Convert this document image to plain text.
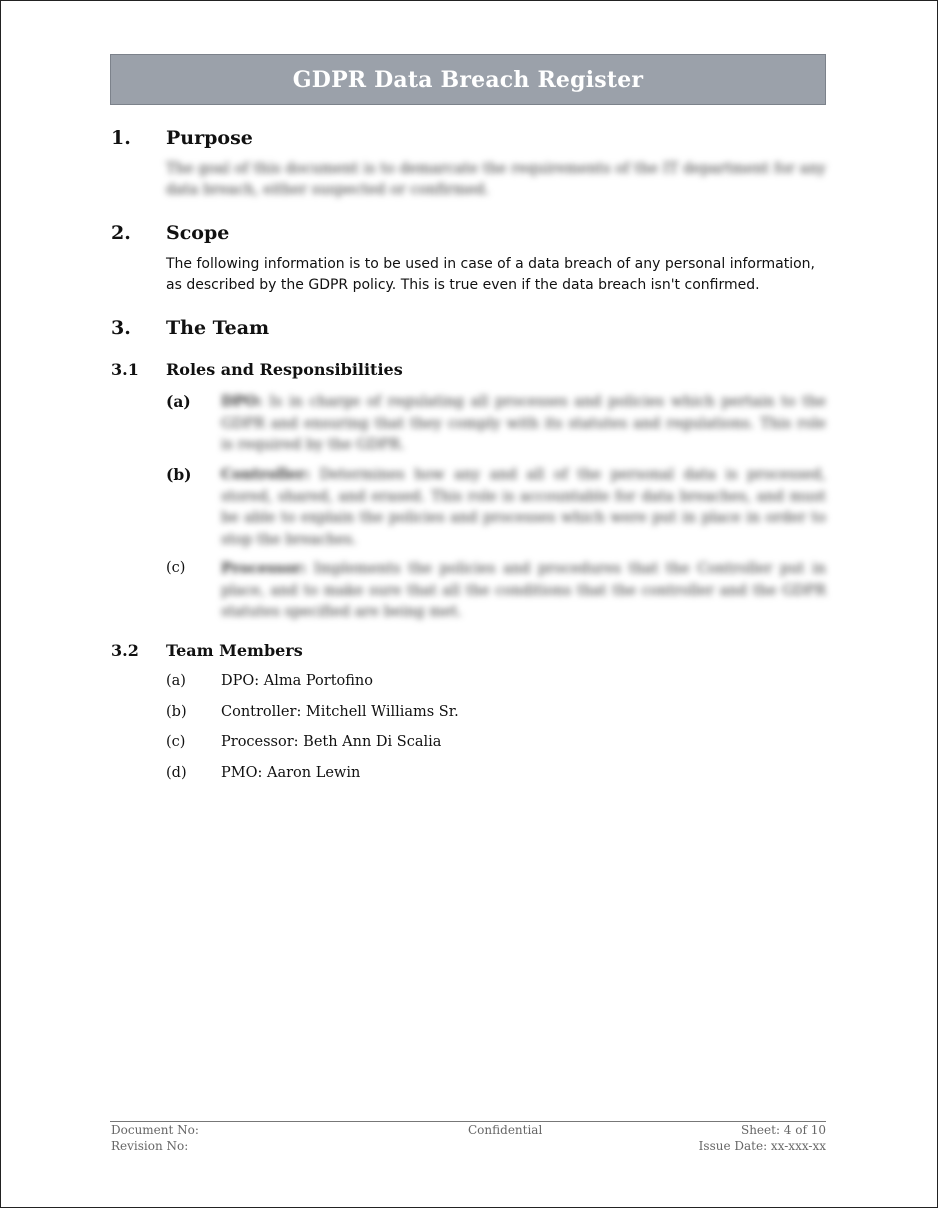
GDPR Data Breach Register
1. Purpose
The goal of this document is to demarcate the requirements of the IT department for any data breach, either suspected or confirmed.
2. Scope
The following information is to be used in case of a data breach of any personal information, as described by the GDPR policy. This is true even if the data breach isn't confirmed.
3. The Team
3.1 Roles and Responsibilities
(a) DPO: Is in charge of regulating all processes and policies which pertain to the GDPR and ensuring that they comply with its statutes and regulations. This role is required by the GDPR.
(b) Controller: Determines how any and all of the personal data is processed, stored, shared, and erased. This role is accountable for data breaches, and must be able to explain the policies and processes which were put in place in order to stop the breaches.
(c) Processor: Implements the policies and procedures that the Controller put in place, and to make sure that all the conditions that the controller and the GDPR statutes specified are being met.
3.2 Team Members
(a) DPO: Alma Portofino
(b) Controller: Mitchell Williams Sr.
(c) Processor: Beth Ann Di Scalia
(d) PMO: Aaron Lewin
Document No:
Revision No:
Confidential	Sheet: 4 of 10
Issue Date: xx-xxx-xx
